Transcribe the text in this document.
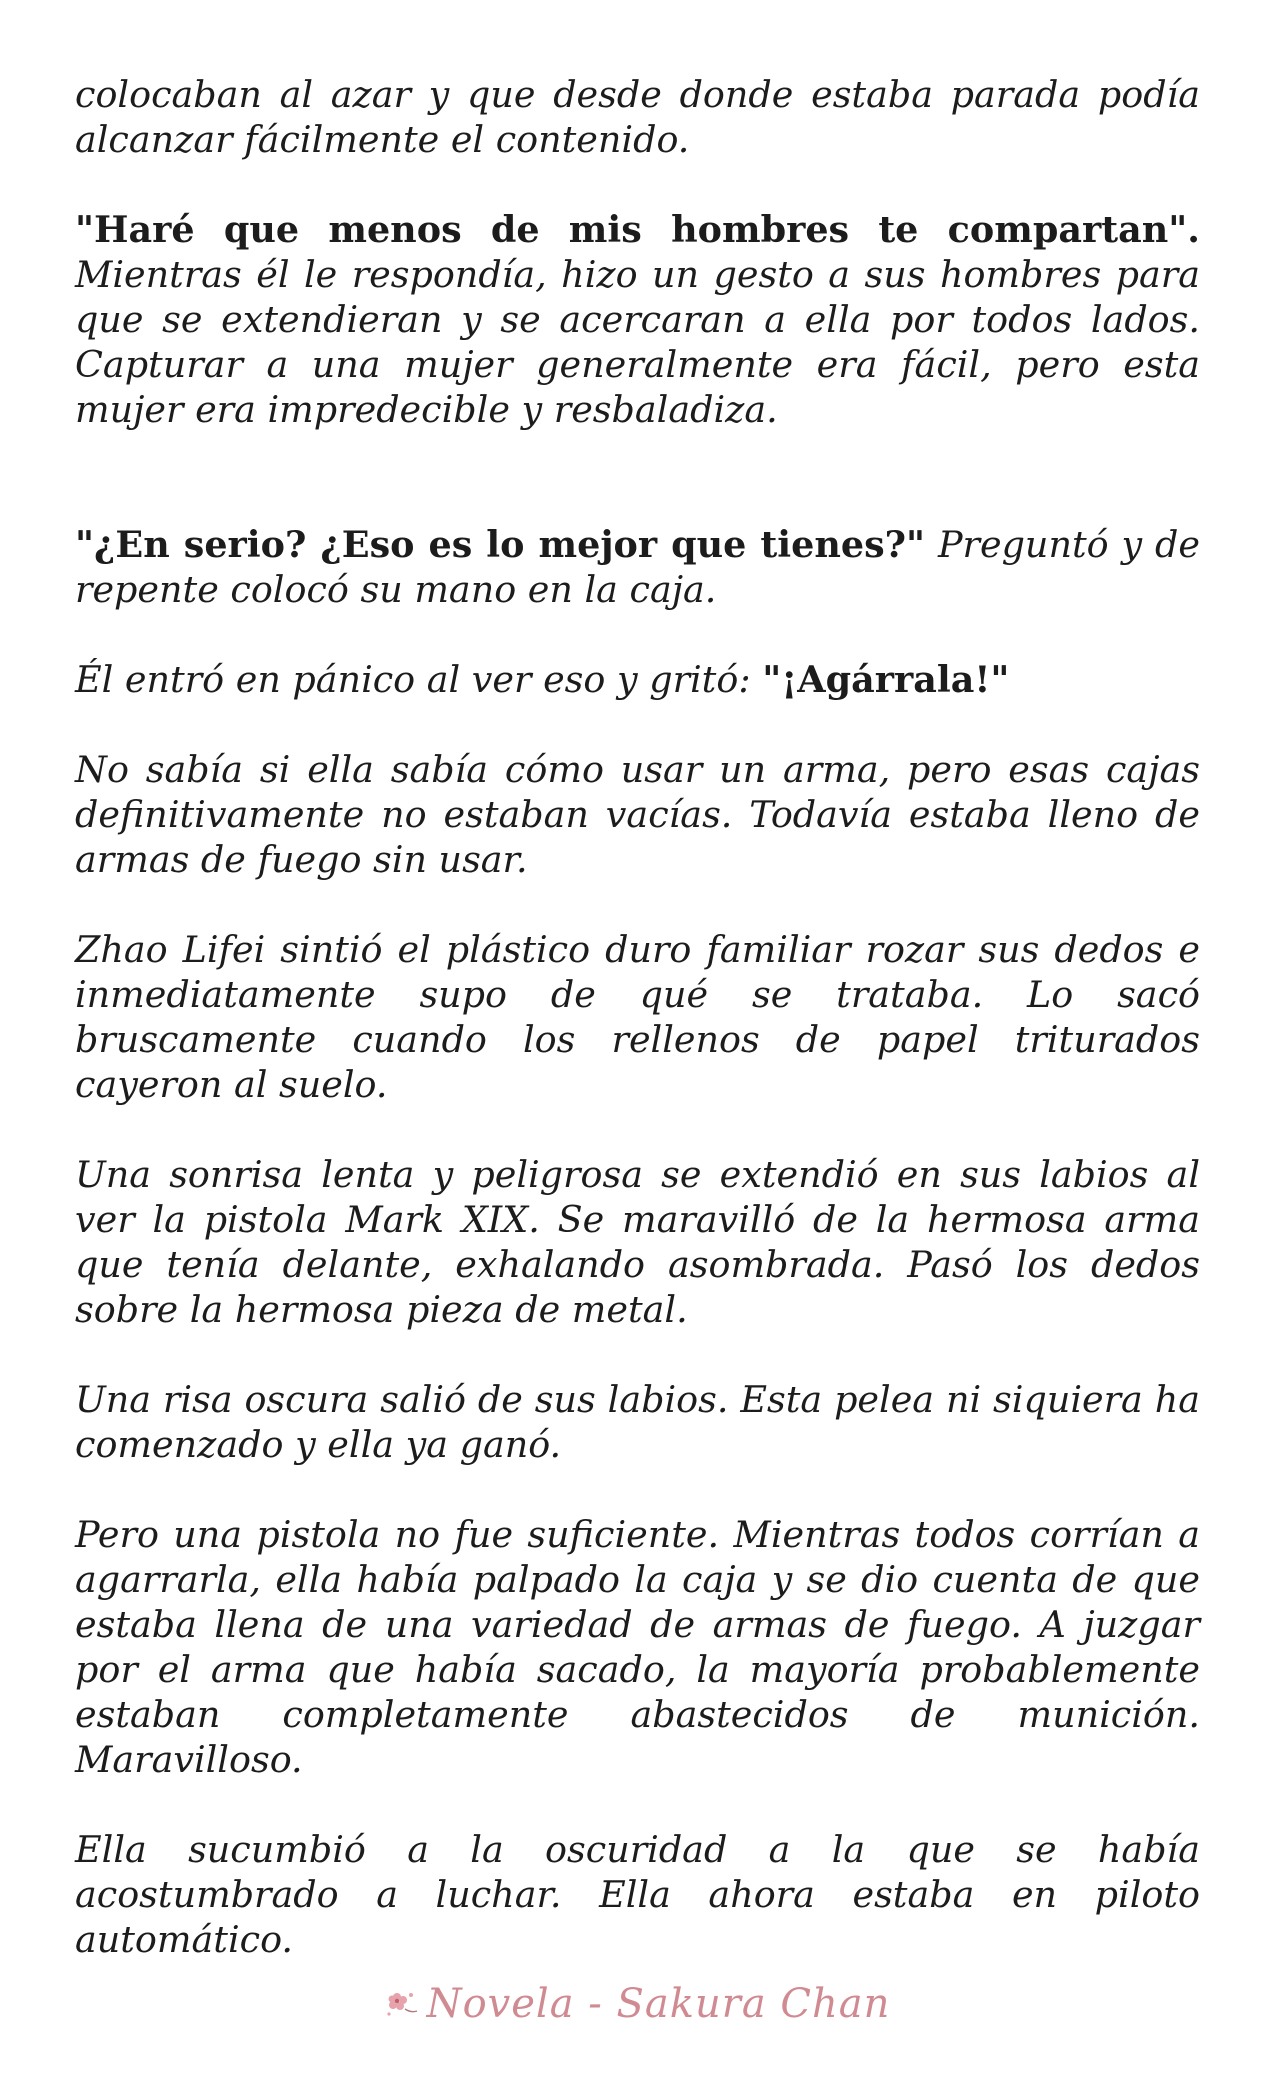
colocaban al azar y que desde donde estaba parada podía alcanzar fácilmente el contenido.

"Haré que menos de mis hombres te compartan". Mientras él le respondía, hizo un gesto a sus hombres para que se extendieran y se acercaran a ella por todos lados. Capturar a una mujer generalmente era fácil, pero esta mujer era impredecible y resbaladiza.

"¿En serio? ¿Eso es lo mejor que tienes?" Preguntó y de repente colocó su mano en la caja.

Él entró en pánico al ver eso y gritó: "¡Agárrala!"

No sabía si ella sabía cómo usar un arma, pero esas cajas definitivamente no estaban vacías. Todavía estaba lleno de armas de fuego sin usar.

Zhao Lifei sintió el plástico duro familiar rozar sus dedos e inmediatamente supo de qué se trataba. Lo sacó bruscamente cuando los rellenos de papel triturados cayeron al suelo.

Una sonrisa lenta y peligrosa se extendió en sus labios al ver la pistola Mark XIX. Se maravilló de la hermosa arma que tenía delante, exhalando asombrada. Pasó los dedos sobre la hermosa pieza de metal.

Una risa oscura salió de sus labios. Esta pelea ni siquiera ha comenzado y ella ya ganó.

Pero una pistola no fue suficiente. Mientras todos corrían a agarrarla, ella había palpado la caja y se dio cuenta de que estaba llena de una variedad de armas de fuego. A juzgar por el arma que había sacado, la mayoría probablemente estaban completamente abastecidos de munición. Maravilloso.

Ella sucumbió a la oscuridad a la que se había acostumbrado a luchar. Ella ahora estaba en piloto automático.

Novela - Sakura Chan
